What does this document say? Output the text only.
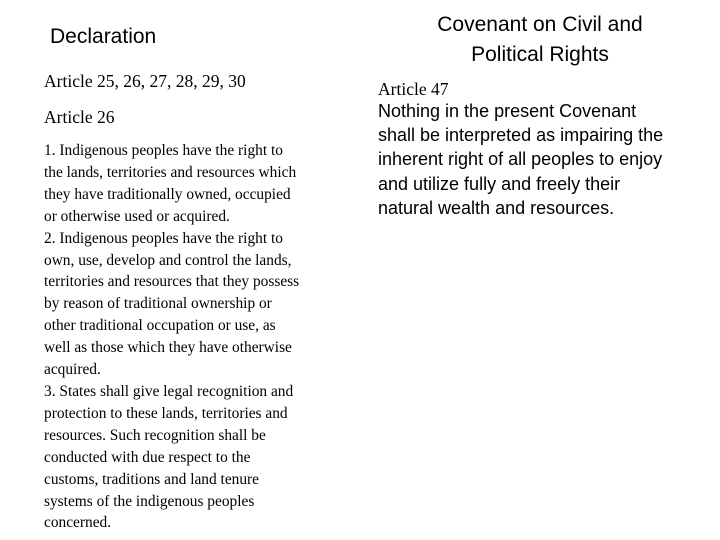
Declaration
Article 25, 26, 27, 28, 29, 30
Article 26

1. Indigenous peoples have the right to
the lands, territories and resources which
they have traditionally owned, occupied
or otherwise used or acquired.

2. Indigenous peoples have the right to
own, use, develop and control the lands,
territories and resources that they possess
by reason of traditional ownership or
other traditional occupation or use, as
well as those which they have otherwise
acquired.

3. States shall give legal recognition and
protection to these lands, territories and
resources. Such recognition shall be
conducted with due respect to the
customs, traditions and land tenure
systems of the indigenous peoples
concerned.

Covenant on Civil and
Political Rights
Article 47
Nothing in the present Covenant
shall be interpreted as impairing the
inherent right of all peoples to enjoy
and utilize fully and freely their
natural wealth and resources.
